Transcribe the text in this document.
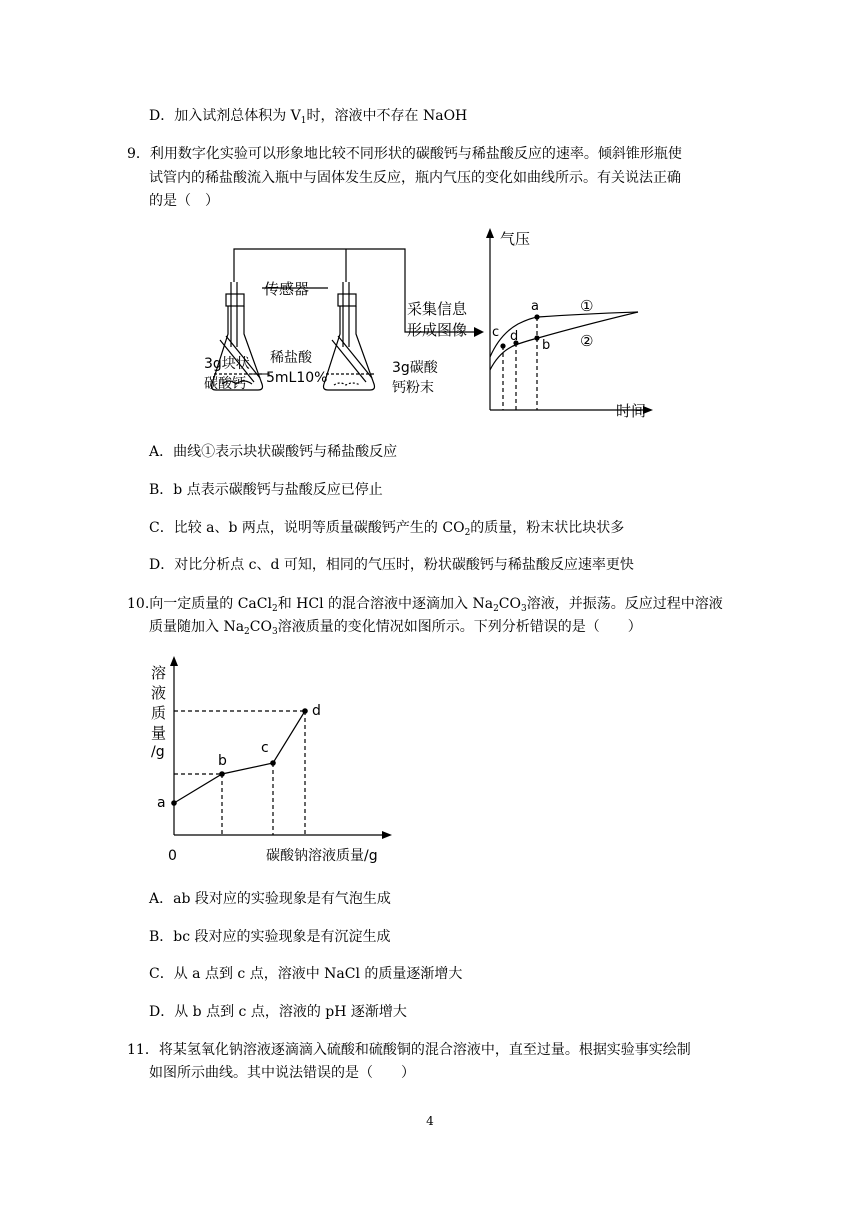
D．加入试剂总体积为 $V_1$时，溶液中不存在 NaOH
9．利用数字化实验可以形象地比较不同形状的碳酸钙与稀盐酸反应的速率。倾斜锥形瓶使
试管内的稀盐酸流入瓶中与固体发生反应，瓶内气压的变化如曲线所示。有关说法正确
的是（　）
传感器
采集信息
形成图像
3g块状
碳酸钙
稀盐酸
5mL10%
3g碳酸
钙粉末
气压
时间
①
②
a
b
c d
A．曲线①表示块状碳酸钙与稀盐酸反应
B．b 点表示碳酸钙与盐酸反应已停止
C．比较 a、b 两点，说明等质量碳酸钙产生的 $CO_2$的质量，粉末状比块状多
D．对比分析点 c、d 可知，相同的气压时，粉状碳酸钙与稀盐酸反应速率更快
10.向一定质量的 CaCl$_2$和 HCl 的混合溶液中逐滴加入 $Na_2CO_3$溶液，并振荡。反应过程中溶液
质量随加入 $Na_2CO_3$溶液质量的变化情况如图所示。下列分析错误的是（　　）
溶
液
质
量
/g
0	碳酸钠溶液质量/g
a
b
c
d
A．ab 段对应的实验现象是有气泡生成
B．bc 段对应的实验现象是有沉淀生成
C．从 a 点到 c 点，溶液中 NaCl 的质量逐渐增大
D．从 b 点到 c 点，溶液的 pH 逐渐增大
11．将某氢氧化钠溶液逐滴滴入硫酸和硫酸铜的混合溶液中，直至过量。根据实验事实绘制
如图所示曲线。其中说法错误的是（　　）
4
